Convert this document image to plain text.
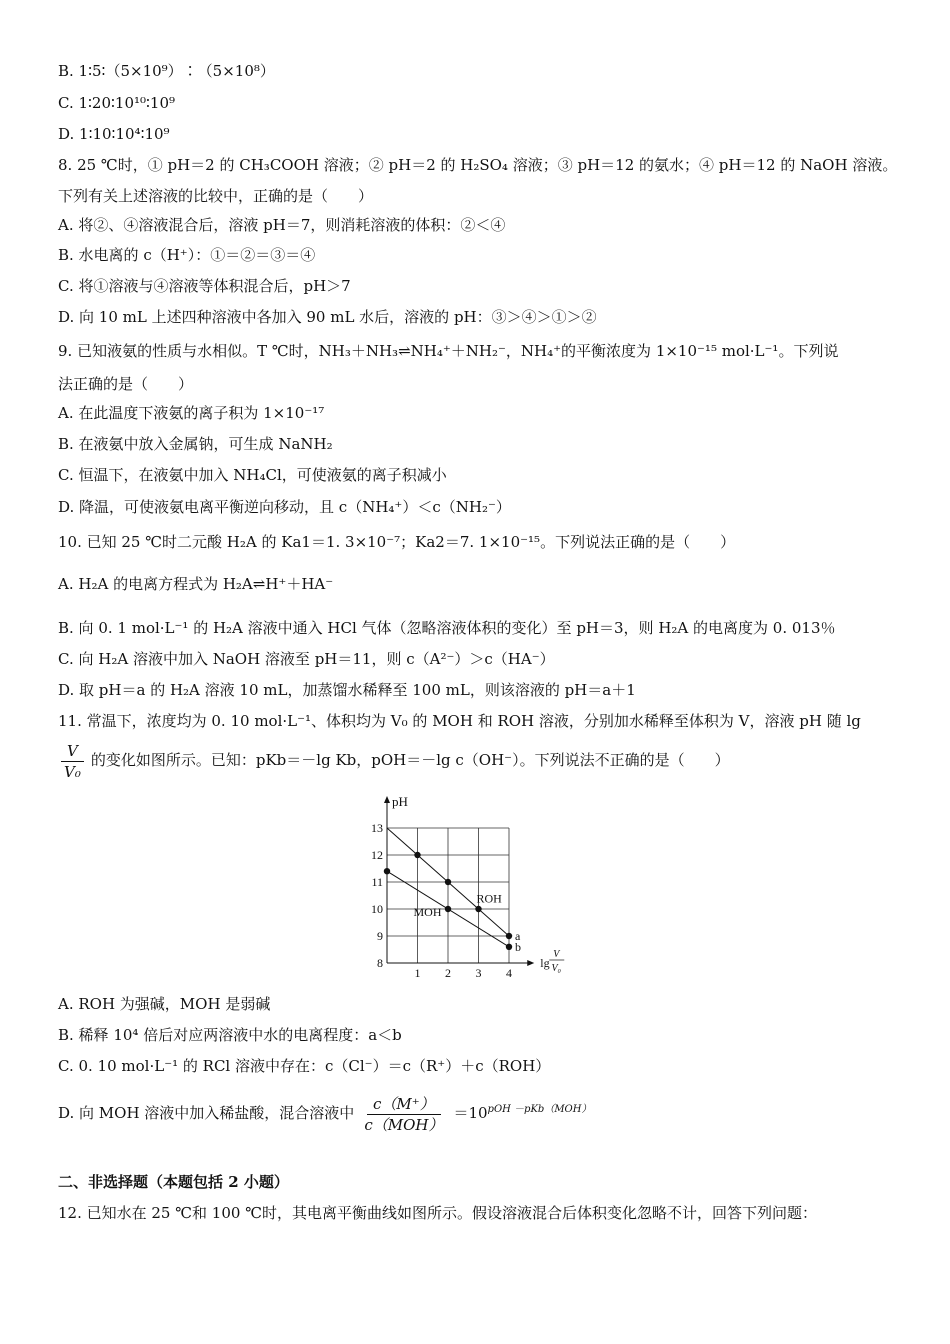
B. 1∶5∶（5×10⁹）∶（5×10⁸）
C. 1∶20∶10¹⁰∶10⁹
D. 1∶10∶10⁴∶10⁹
8. 25 ℃时，① pH＝2 的 CH₃COOH 溶液；② pH＝2 的 H₂SO₄ 溶液；③ pH＝12 的氨水；④ pH＝12 的 NaOH 溶液。
下列有关上述溶液的比较中，正确的是（　　）
A. 将②、④溶液混合后，溶液 pH＝7，则消耗溶液的体积：②＜④
B. 水电离的 c（H⁺）：①＝②＝③＝④
C. 将①溶液与④溶液等体积混合后，pH＞7
D. 向 10 mL 上述四种溶液中各加入 90 mL 水后，溶液的 pH：③＞④＞①＞②
9. 已知液氨的性质与水相似。T ℃时，NH₃＋NH₃⇌NH₄⁺＋NH₂⁻，NH₄⁺的平衡浓度为 1×10⁻¹⁵ mol·L⁻¹。下列说
法正确的是（　　）
A. 在此温度下液氨的离子积为 1×10⁻¹⁷
B. 在液氨中放入金属钠，可生成 NaNH₂
C. 恒温下，在液氨中加入 NH₄Cl，可使液氨的离子积减小
D. 降温，可使液氨电离平衡逆向移动，且 c（NH₄⁺）＜c（NH₂⁻）
10. 已知 25 ℃时二元酸 H₂A 的 Ka1＝1. 3×10⁻⁷；Ka2＝7. 1×10⁻¹⁵。下列说法正确的是（　　）
A. H₂A 的电离方程式为 H₂A⇌H⁺＋HA⁻
B. 向 0. 1 mol·L⁻¹ 的 H₂A 溶液中通入 HCl 气体（忽略溶液体积的变化）至 pH＝3，则 H₂A 的电离度为 0. 013％
C. 向 H₂A 溶液中加入 NaOH 溶液至 pH＝11，则 c（A²⁻）＞c（HA⁻）
D. 取 pH＝a 的 H₂A 溶液 10 mL，加蒸馏水稀释至 100 mL，则该溶液的 pH＝a＋1
11. 常温下，浓度均为 0. 10 mol·L⁻¹、体积均为 V₀ 的 MOH 和 ROH 溶液，分别加水稀释至体积为 V，溶液 pH 随 lg
$\frac{V}{\text{V₀}}$ 的变化如图所示。已知：pKb＝－lg Kb，pOH＝－lg c（OH⁻）。下列说法不正确的是（　　）
pH
lg
V
V₀
1 2 3 4
8
9
10
11
12
13
a
b
ROH
MOH
A. ROH 为强碱，MOH 是弱碱
B. 稀释 10⁴ 倍后对应两溶液中水的电离程度：a＜b
C. 0. 10 mol·L⁻¹ 的 RCl 溶液中存在：c（Cl⁻）＝c（R⁺）＋c（ROH）
D. 向 MOH 溶液中加入稀盐酸，混合溶液中 $\frac{c(M^+)}{\text{c（MOH）}} =10^{pOH -pKb(MOH)}$
二、非选择题（本题包括 2 小题）
12. 已知水在 25 ℃和 100 ℃时，其电离平衡曲线如图所示。假设溶液混合后体积变化忽略不计，回答下列问题：
